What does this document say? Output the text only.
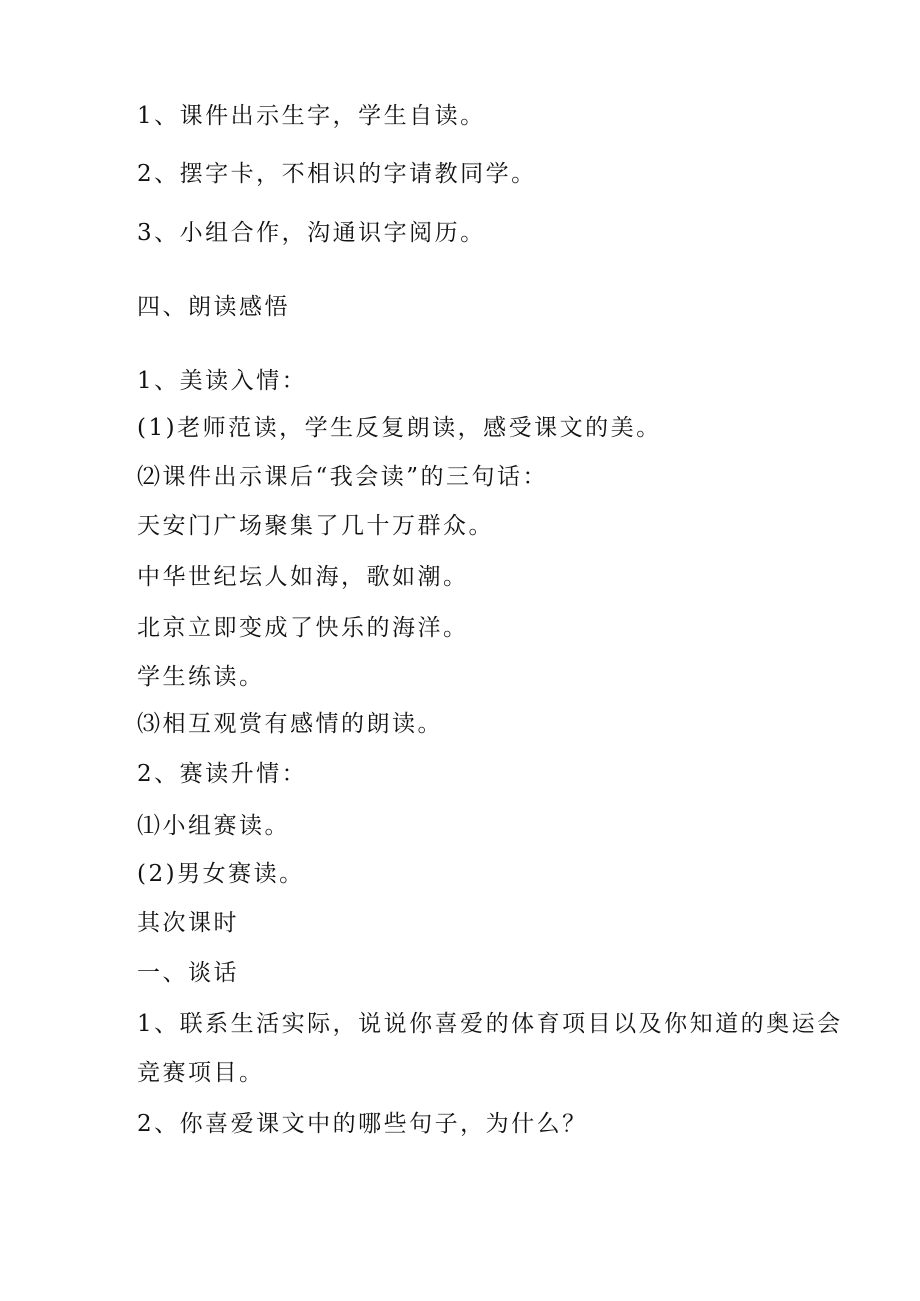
1、课件出示生字，学生自读。
2、摆字卡，不相识的字请教同学。
3、小组合作，沟通识字阅历。
四、朗读感悟
1、美读入情：
(1)老师范读，学生反复朗读，感受课文的美。
⑵课件出示课后“我会读”的三句话：
天安门广场聚集了几十万群众。
中华世纪坛人如海，歌如潮。
北京立即变成了快乐的海洋。
学生练读。
⑶相互观赏有感情的朗读。
2、赛读升情：
⑴小组赛读。
(2)男女赛读。
其次课时
一、谈话
1、联系生活实际，说说你喜爱的体育项目以及你知道的奥运会
竞赛项目。
2、你喜爱课文中的哪些句子，为什么？
